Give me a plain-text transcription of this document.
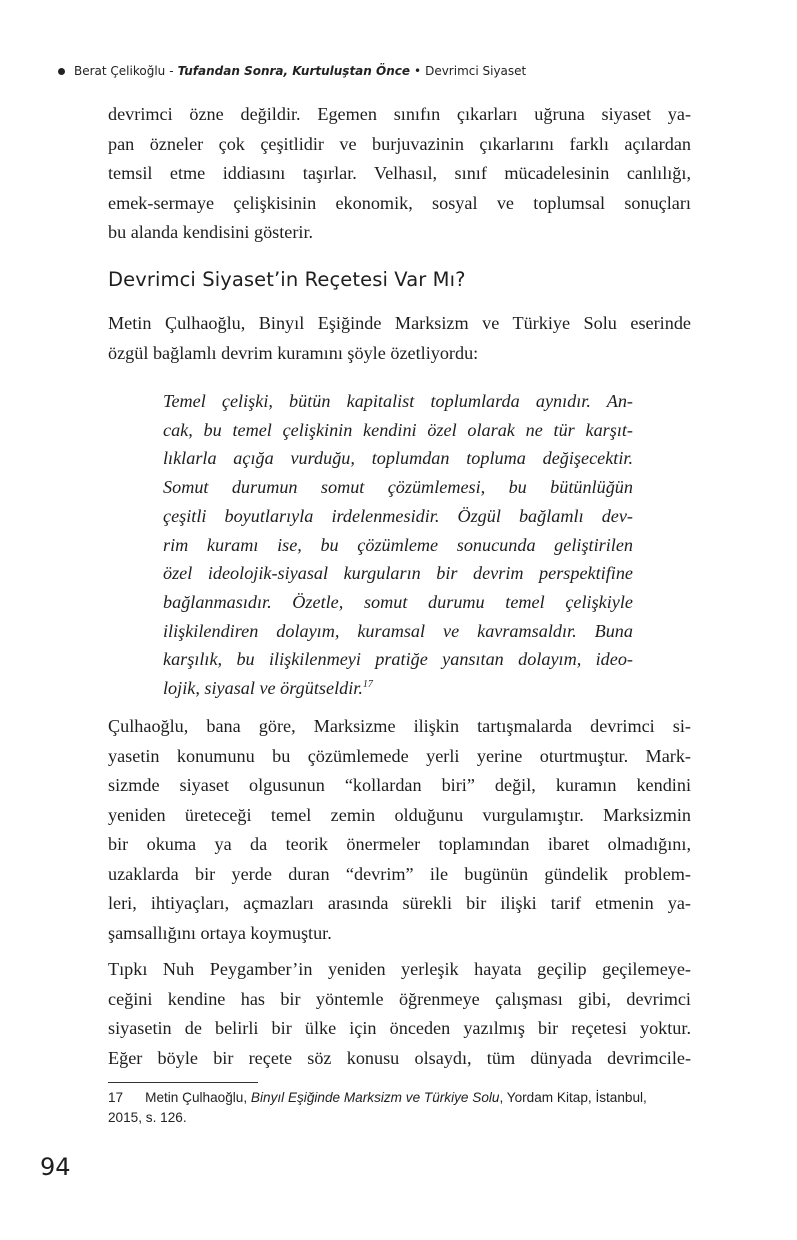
Berat Çelikoğlu - Tufandan Sonra, Kurtuluştan Önce • Devrimci Siyaset

devrimci özne değildir. Egemen sınıfın çıkarları uğruna siyaset ya-

pan özneler çok çeşitlidir ve burjuvazinin çıkarlarını farklı açılardan

temsil etme iddiasını taşırlar. Velhasıl, sınıf mücadelesinin canlılığı,

emek-sermaye çelişkisinin ekonomik, sosyal ve toplumsal sonuçları

bu alanda kendisini gösterir.

Devrimci Siyaset’in Reçetesi Var Mı?

Metin Çulhaoğlu, Binyıl Eşiğinde Marksizm ve Türkiye Solu eserinde

özgül bağlamlı devrim kuramını şöyle özetliyordu:

Temel çelişki, bütün kapitalist toplumlarda aynıdır. An-

cak, bu temel çelişkinin kendini özel olarak ne tür karşıt-

lıklarla açığa vurduğu, toplumdan topluma değişecektir.

Somut durumun somut çözümlemesi, bu bütünlüğün

çeşitli boyutlarıyla irdelenmesidir. Özgül bağlamlı dev-

rim kuramı ise, bu çözümleme sonucunda geliştirilen

özel ideolojik-siyasal kurguların bir devrim perspektifine

bağlanmasıdır. Özetle, somut durumu temel çelişkiyle

ilişkilendiren dolayım, kuramsal ve kavramsaldır. Buna

karşılık, bu ilişkilenmeyi pratiğe yansıtan dolayım, ideo-

lojik, siyasal ve örgütseldir.$^{17}$

Çulhaoğlu, bana göre, Marksizme ilişkin tartışmalarda devrimci si-

yasetin konumunu bu çözümlemede yerli yerine oturtmuştur. Mark-

sizmde siyaset olgusunun “kollardan biri” değil, kuramın kendini

yeniden üreteceği temel zemin olduğunu vurgulamıştır. Marksizmin

bir okuma ya da teorik önermeler toplamından ibaret olmadığını,

uzaklarda bir yerde duran “devrim” ile bugünün gündelik problem-

leri, ihtiyaçları, açmazları arasında sürekli bir ilişki tarif etmenin ya-

şamsallığını ortaya koymuştur.

Tıpkı Nuh Peygamber’in yeniden yerleşik hayata geçilip geçilemeye-

ceğini kendine has bir yöntemle öğrenmeye çalışması gibi, devrimci

siyasetin de belirli bir ülke için önceden yazılmış bir reçetesi yoktur.

Eğer böyle bir reçete söz konusu olsaydı, tüm dünyada devrimcile-

17 Metin Çulhaoğlu, Binyıl Eşiğinde Marksizm ve Türkiye Solu, Yordam Kitap, İstanbul,
2015, s. 126.
94
